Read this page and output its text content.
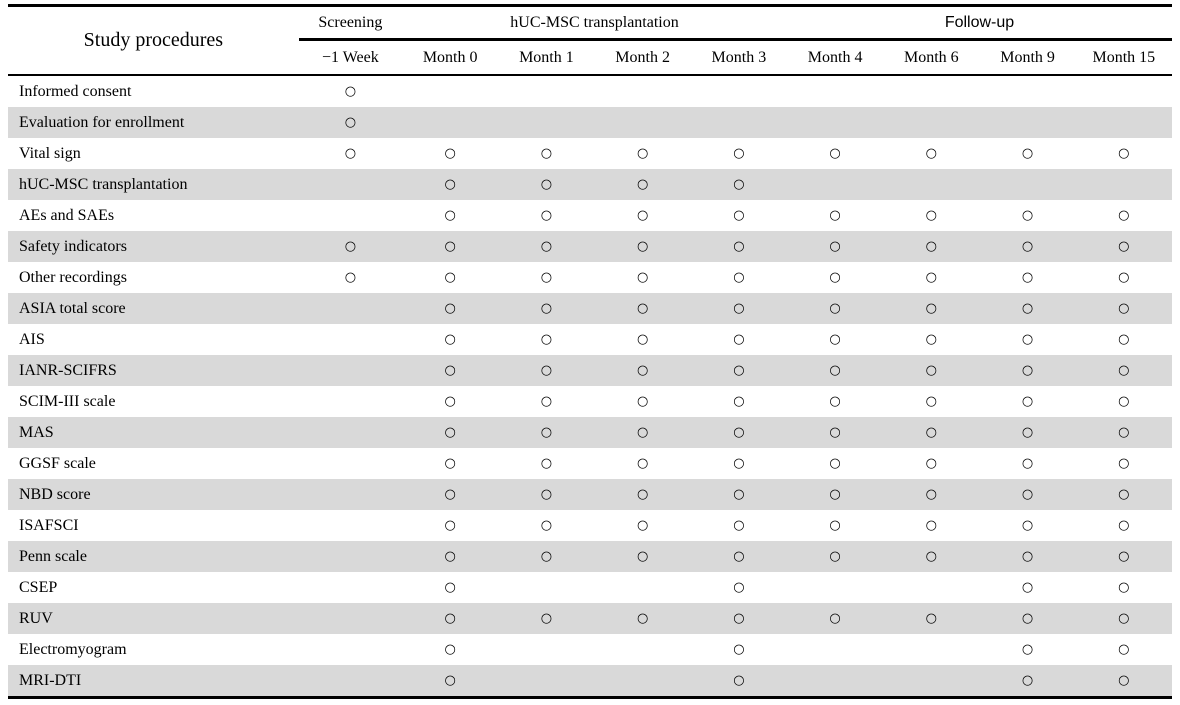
Study procedures	Screening	hUC-MSC transplantation				Follow-up			
	−1 Week	Month 0	Month 1	Month 2	Month 3	Month 4	Month 6	Month 9	Month 15
Informed consent	○								
Evaluation for enrollment	○								
Vital sign	○	○	○	○	○	○	○	○	○
hUC-MSC transplantation		○	○	○	○				
AEs and SAEs		○	○	○	○	○	○	○	○
Safety indicators	○	○	○	○	○	○	○	○	○
Other recordings	○	○	○	○	○	○	○	○	○
ASIA total score		○	○	○	○	○	○	○	○
AIS		○	○	○	○	○	○	○	○
IANR-SCIFRS		○	○	○	○	○	○	○	○
SCIM-III scale		○	○	○	○	○	○	○	○
MAS		○	○	○	○	○	○	○	○
GGSF scale		○	○	○	○	○	○	○	○
NBD score		○	○	○	○	○	○	○	○
ISAFSCI		○	○	○	○	○	○	○	○
Penn scale		○	○	○	○	○	○	○	○
CSEP		○			○			○	○
RUV		○	○	○	○	○	○	○	○
Electromyogram		○			○			○	○
MRI-DTI		○			○			○	○
